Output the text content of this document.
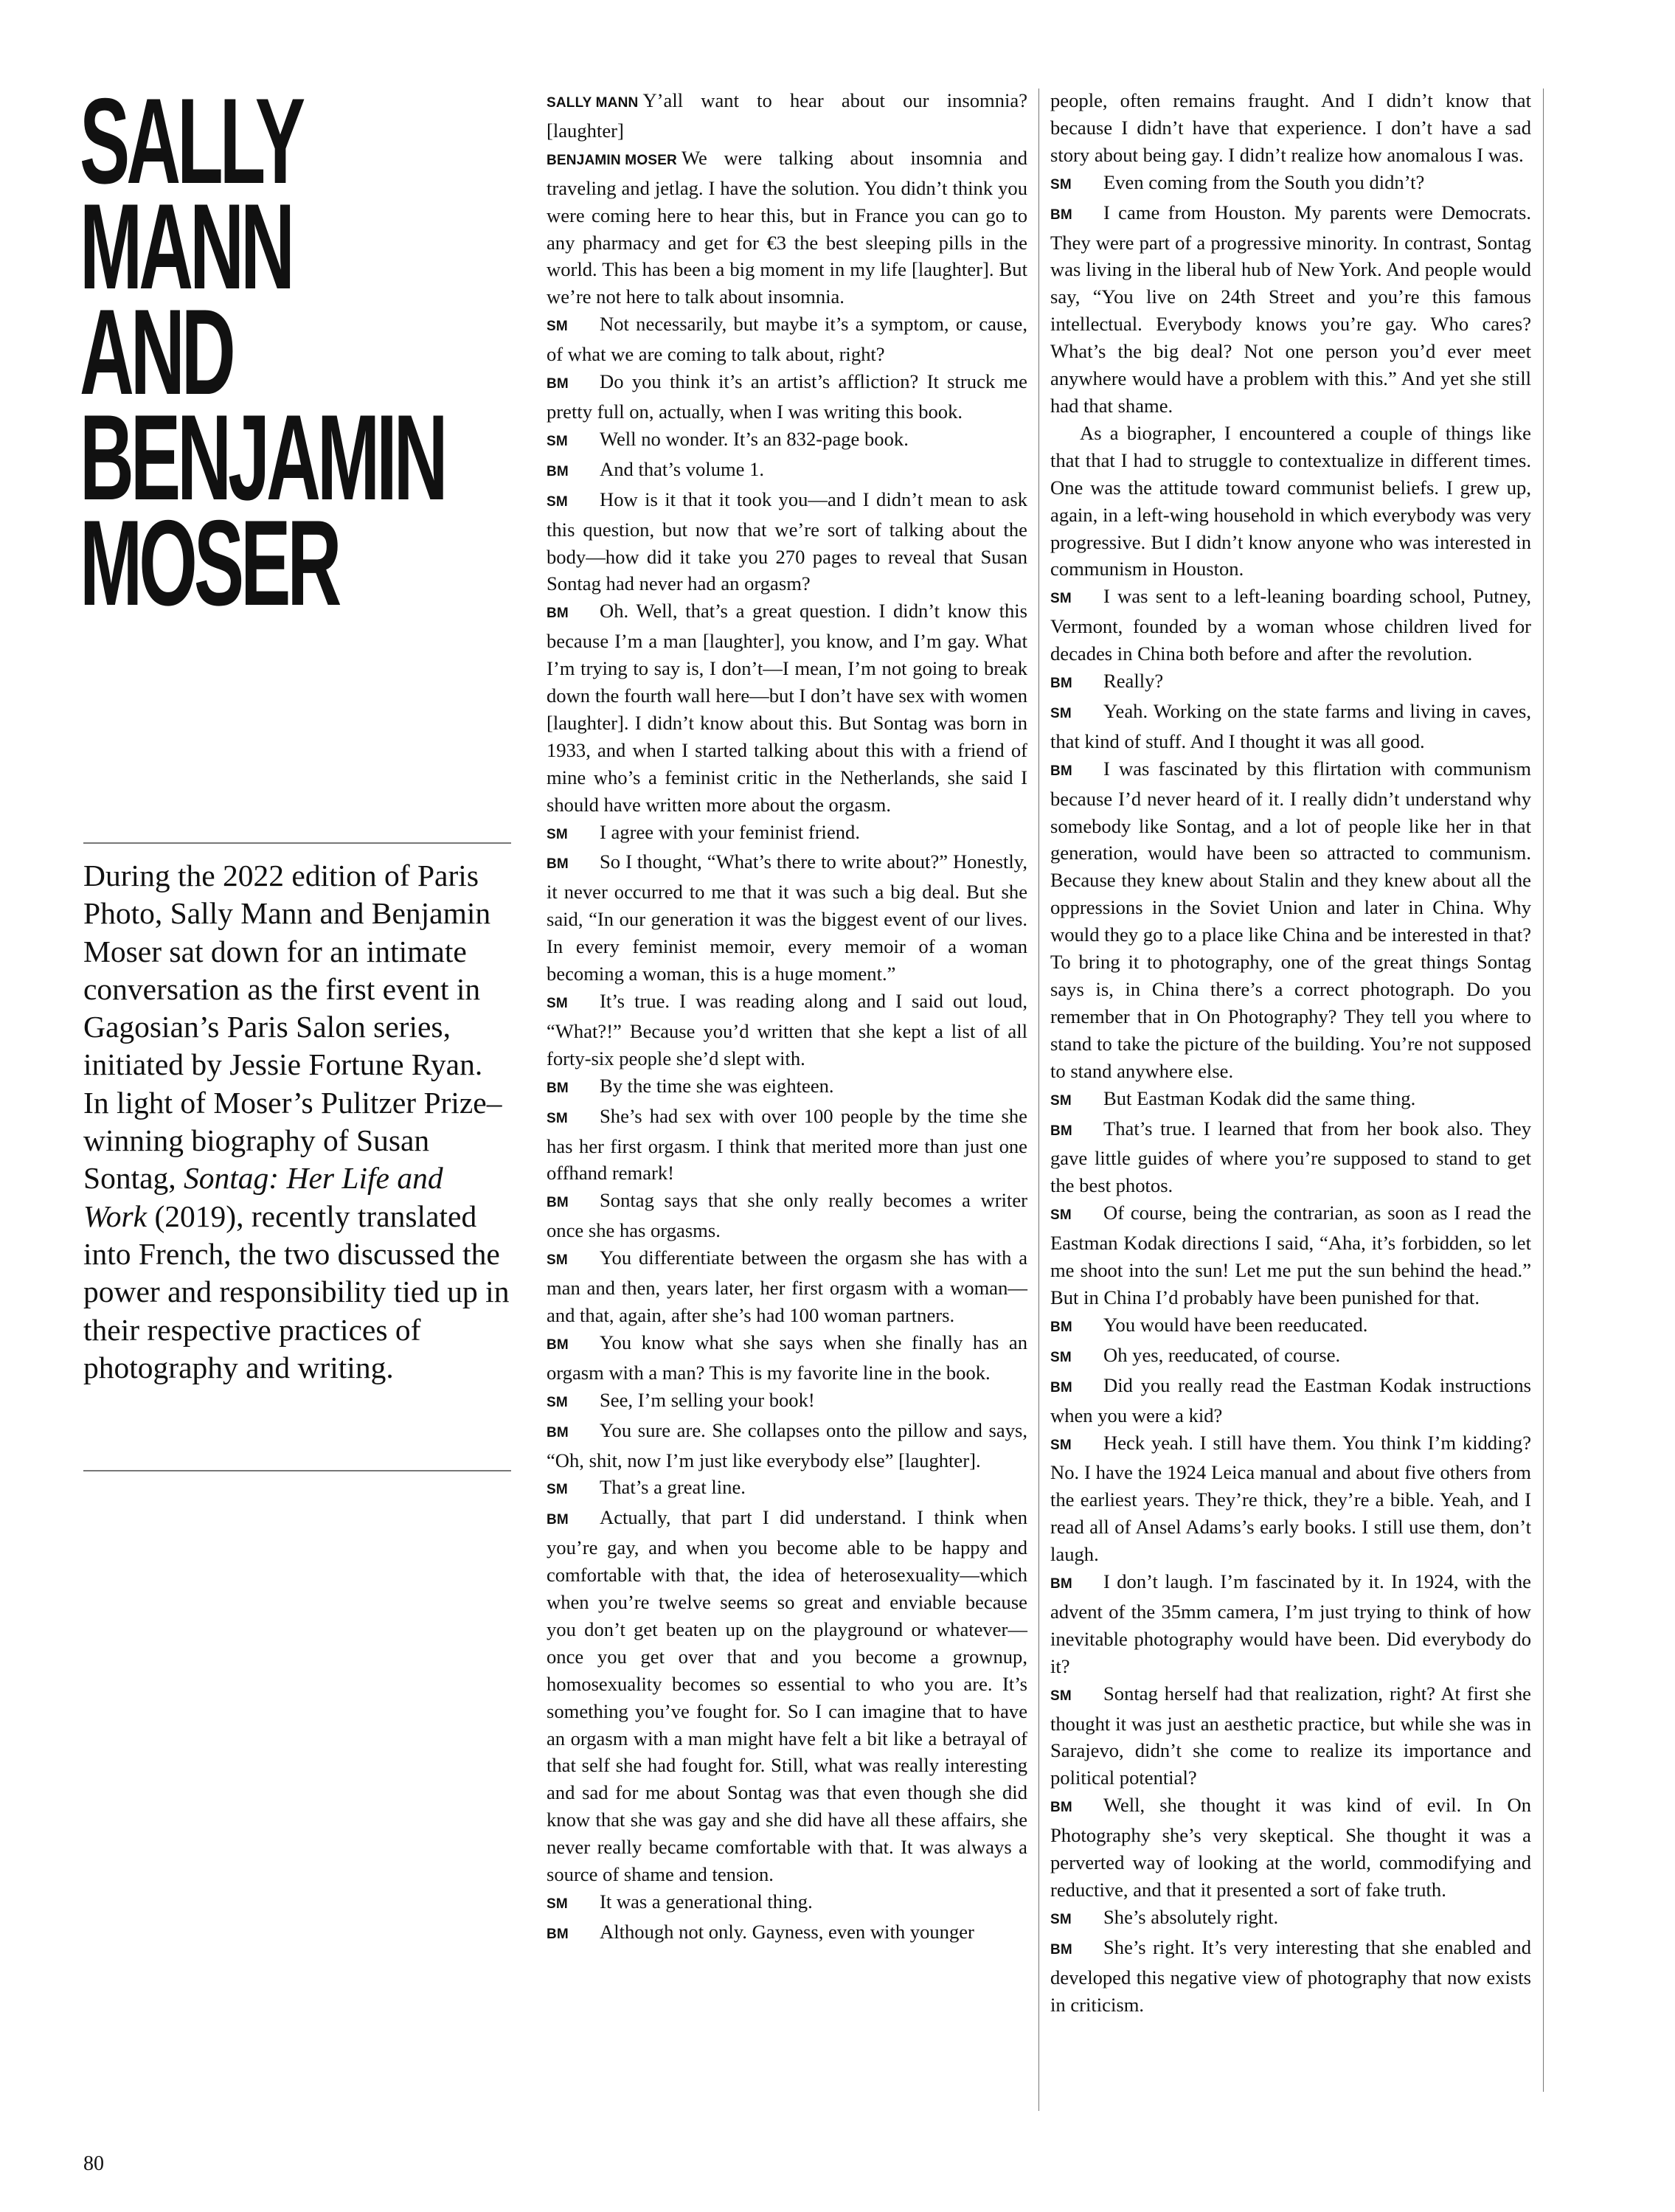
SALLY
MANN
AND
BENJAMIN
MOSER
During the 2022 edition of Paris Photo, Sally Mann and Benjamin Moser sat down for an intimate conversation as the first event in Gagosian’s Paris Salon series, initiated by Jessie Fortune Ryan. In light of Moser’s Pulitzer Prize–winning biography of Susan Sontag, Sontag: Her Life and Work (2019), recently translated into French, the two discussed the power and responsibility tied up in their respective practices of photography and writing.

SALLY MANN Y’all want to hear about our insomnia? [laughter]

BENJAMIN MOSER We were talking about insomnia and traveling and jetlag. I have the solution. You didn’t think you were coming here to hear this, but in France you can go to any pharmacy and get for €3 the best sleeping pills in the world. This has been a big moment in my life [laughter]. But we’re not here to talk about insomnia.

SM Not necessarily, but maybe it’s a symptom, or cause, of what we are coming to talk about, right?

BM Do you think it’s an artist’s affliction? It struck me pretty full on, actually, when I was writing this book.

SM Well no wonder. It’s an 832-page book.

BM And that’s volume 1.

SM How is it that it took you—and I didn’t mean to ask this question, but now that we’re sort of talking about the body—how did it take you 270 pages to reveal that Susan Sontag had never had an orgasm?

BM Oh. Well, that’s a great question. I didn’t know this because I’m a man [laughter], you know, and I’m gay. What I’m trying to say is, I don’t—I mean, I’m not going to break down the fourth wall here—but I don’t have sex with women [laughter]. I didn’t know about this. But Sontag was born in 1933, and when I started talking about this with a friend of mine who’s a feminist critic in the Netherlands, she said I should have written more about the orgasm.

SM I agree with your feminist friend.

BM So I thought, “What’s there to write about?” Honestly, it never occurred to me that it was such a big deal. But she said, “In our generation it was the biggest event of our lives. In every feminist memoir, every memoir of a woman becoming a woman, this is a huge moment.”

SM It’s true. I was reading along and I said out loud, “What?!” Because you’d written that she kept a list of all forty-six people she’d slept with.

BM By the time she was eighteen.

SM She’s had sex with over 100 people by the time she has her first orgasm. I think that merited more than just one offhand remark!

BM Sontag says that she only really becomes a writer once she has orgasms.

SM You differentiate between the orgasm she has with a man and then, years later, her first orgasm with a woman—and that, again, after she’s had 100 woman partners.

BM You know what she says when she finally has an orgasm with a man? This is my favorite line in the book.

SM See, I’m selling your book!

BM You sure are. She collapses onto the pillow and says, “Oh, shit, now I’m just like everybody else” [laughter].

SM That’s a great line.

BM Actually, that part I did understand. I think when you’re gay, and when you become able to be happy and comfortable with that, the idea of heterosexuality—which when you’re twelve seems so great and enviable because you don’t get beaten up on the playground or whatever—once you get over that and you become a grownup, homosexuality becomes so essential to who you are. It’s something you’ve fought for. So I can imagine that to have an orgasm with a man might have felt a bit like a betrayal of that self she had fought for. Still, what was really interesting and sad for me about Sontag was that even though she did know that she was gay and she did have all these affairs, she never really became comfortable with that. It was always a source of shame and tension.

SM It was a generational thing.

BM Although not only. Gayness, even with younger

people, often remains fraught. And I didn’t know that because I didn’t have that experience. I don’t have a sad story about being gay. I didn’t realize how anomalous I was.

SM Even coming from the South you didn’t?

BM I came from Houston. My parents were Democrats. They were part of a progressive minority. In contrast, Sontag was living in the liberal hub of New York. And people would say, “You live on 24th Street and you’re this famous intellectual. Everybody knows you’re gay. Who cares? What’s the big deal? Not one person you’d ever meet anywhere would have a problem with this.” And yet she still had that shame.

As a biographer, I encountered a couple of things like that that I had to struggle to contextualize in different times. One was the attitude toward communist beliefs. I grew up, again, in a left-wing household in which everybody was very progressive. But I didn’t know anyone who was interested in communism in Houston.

SM I was sent to a left-leaning boarding school, Putney, Vermont, founded by a woman whose children lived for decades in China both before and after the revolution.

BM Really?

SM Yeah. Working on the state farms and living in caves, that kind of stuff. And I thought it was all good.

BM I was fascinated by this flirtation with communism because I’d never heard of it. I really didn’t understand why somebody like Sontag, and a lot of people like her in that generation, would have been so attracted to communism. Because they knew about Stalin and they knew about all the oppressions in the Soviet Union and later in China. Why would they go to a place like China and be interested in that? To bring it to photography, one of the great things Sontag says is, in China there’s a correct photograph. Do you remember that in On Photography? They tell you where to stand to take the picture of the building. You’re not supposed to stand anywhere else.

SM But Eastman Kodak did the same thing.

BM That’s true. I learned that from her book also. They gave little guides of where you’re supposed to stand to get the best photos.

SM Of course, being the contrarian, as soon as I read the Eastman Kodak directions I said, “Aha, it’s forbidden, so let me shoot into the sun! Let me put the sun behind the head.” But in China I’d probably have been punished for that.

BM You would have been reeducated.

SM Oh yes, reeducated, of course.

BM Did you really read the Eastman Kodak instructions when you were a kid?

SM Heck yeah. I still have them. You think I’m kidding? No. I have the 1924 Leica manual and about five others from the earliest years. They’re thick, they’re a bible. Yeah, and I read all of Ansel Adams’s early books. I still use them, don’t laugh.

BM I don’t laugh. I’m fascinated by it. In 1924, with the advent of the 35mm camera, I’m just trying to think of how inevitable photography would have been. Did everybody do it?

SM Sontag herself had that realization, right? At first she thought it was just an aesthetic practice, but while she was in Sarajevo, didn’t she come to realize its importance and political potential?

BM Well, she thought it was kind of evil. In On Photography she’s very skeptical. She thought it was a perverted way of looking at the world, commodifying and reductive, and that it presented a sort of fake truth.

SM She’s absolutely right.

BM She’s right. It’s very interesting that she enabled and developed this negative view of photography that now exists in criticism.

80
